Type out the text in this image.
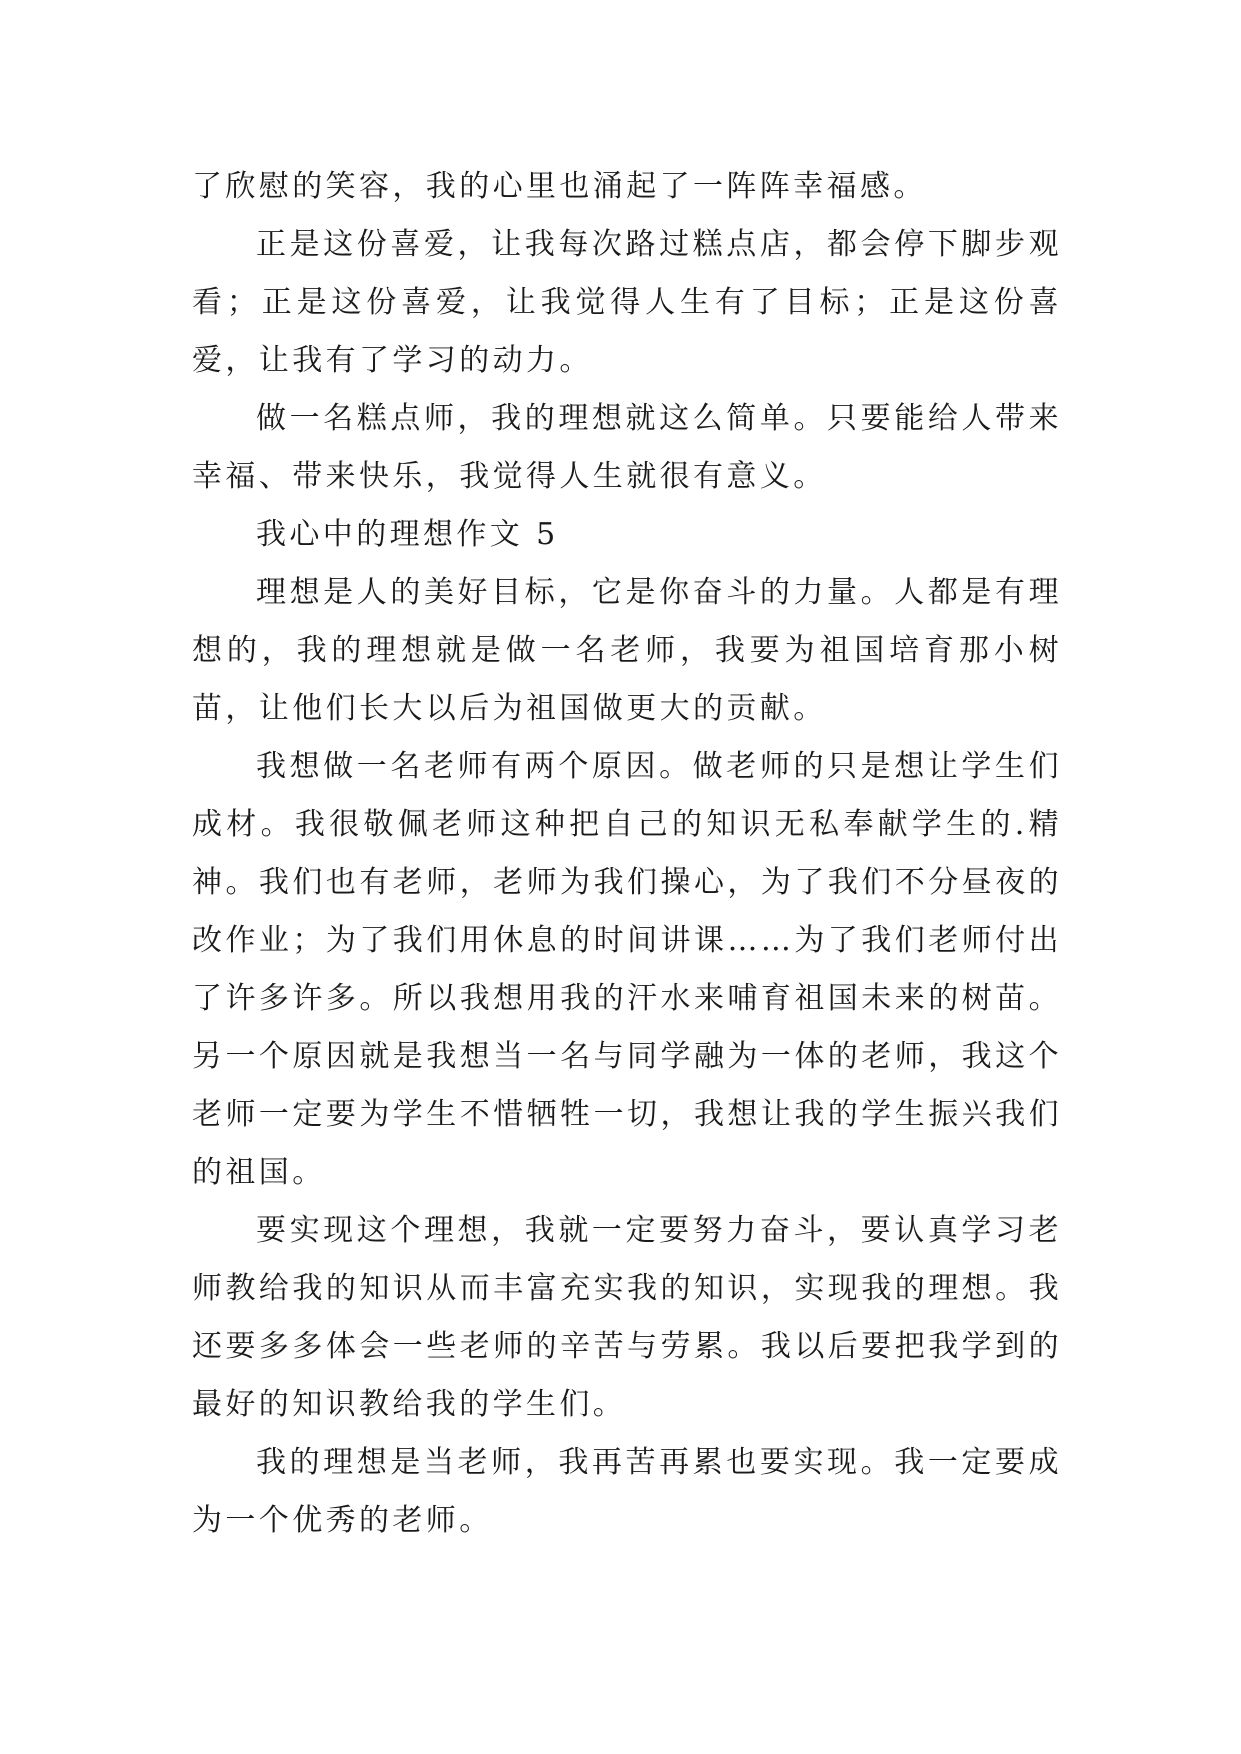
了欣慰的笑容，我的心里也涌起了一阵阵幸福感。

正是这份喜爱，让我每次路过糕点店，都会停下脚步观看；正是这份喜爱，让我觉得人生有了目标；正是这份喜爱，让我有了学习的动力。

做一名糕点师，我的理想就这么简单。只要能给人带来幸福、带来快乐，我觉得人生就很有意义。

我心中的理想作文 5

理想是人的美好目标，它是你奋斗的力量。人都是有理想的，我的理想就是做一名老师，我要为祖国培育那小树苗，让他们长大以后为祖国做更大的贡献。

我想做一名老师有两个原因。做老师的只是想让学生们成材。我很敬佩老师这种把自己的知识无私奉献学生的.精神。我们也有老师，老师为我们操心，为了我们不分昼夜的改作业；为了我们用休息的时间讲课……为了我们老师付出了许多许多。所以我想用我的汗水来哺育祖国未来的树苗。另一个原因就是我想当一名与同学融为一体的老师，我这个老师一定要为学生不惜牺牲一切，我想让我的学生振兴我们的祖国。

要实现这个理想，我就一定要努力奋斗，要认真学习老师教给我的知识从而丰富充实我的知识，实现我的理想。我还要多多体会一些老师的辛苦与劳累。我以后要把我学到的最好的知识教给我的学生们。

我的理想是当老师，我再苦再累也要实现。我一定要成为一个优秀的老师。
